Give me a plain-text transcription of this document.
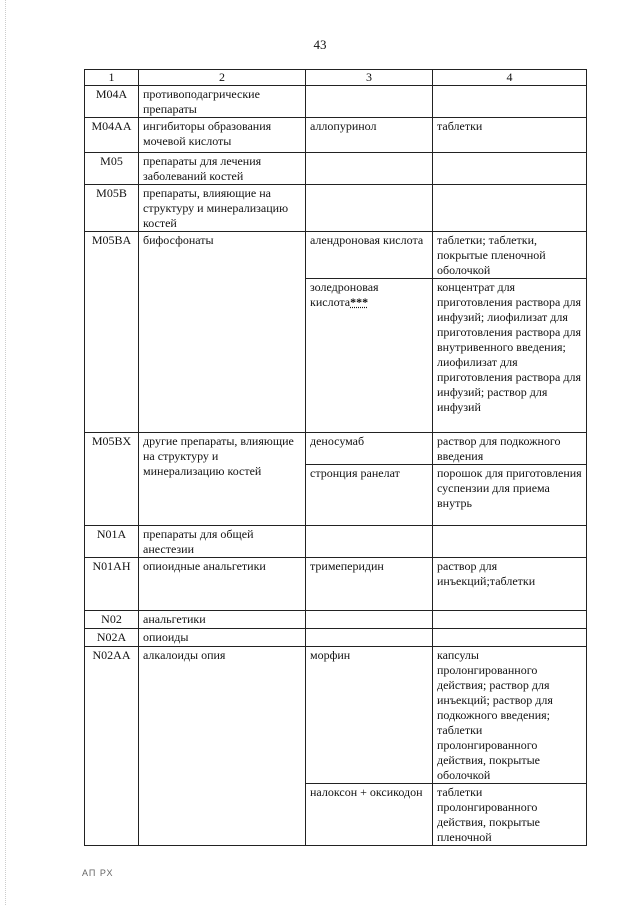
43
1	2	3	4
M04A	противоподагрические препараты		
M04AA	ингибиторы образования мочевой кислоты	аллопуринол	таблетки
M05	препараты для лечения заболеваний костей		
M05B	препараты, влияющие на структуру и минерализацию костей		
M05BA	бифосфонаты	алендроновая кислота	таблетки; таблетки, покрытые пленочной оболочкой
		золедроновая кислота***	концентрат для приготовления раствора для инфузий; лиофилизат для приготовления раствора для внутривенного введения; лиофилизат для приготовления раствора для инфузий; раствор для инфузий
M05BX	другие препараты, влияющие на структуру и минерализацию костей	деносумаб	раствор для подкожного введения
		стронция ранелат	порошок для приготовления суспензии для приема внутрь
N01A	препараты для общей анестезии		
N01AH	опиоидные анальгетики	тримеперидин	раствор для инъекций;таблетки
N02	анальгетики		
N02A	опиоиды		
N02AA	алкалоиды опия	морфин	капсулы пролонгированного действия; раствор для инъекций; раствор для подкожного введения; таблетки пролонгированного действия, покрытые оболочкой
		налоксон + оксикодон	таблетки пролонгированного действия, покрытые пленочной
АП РХ
